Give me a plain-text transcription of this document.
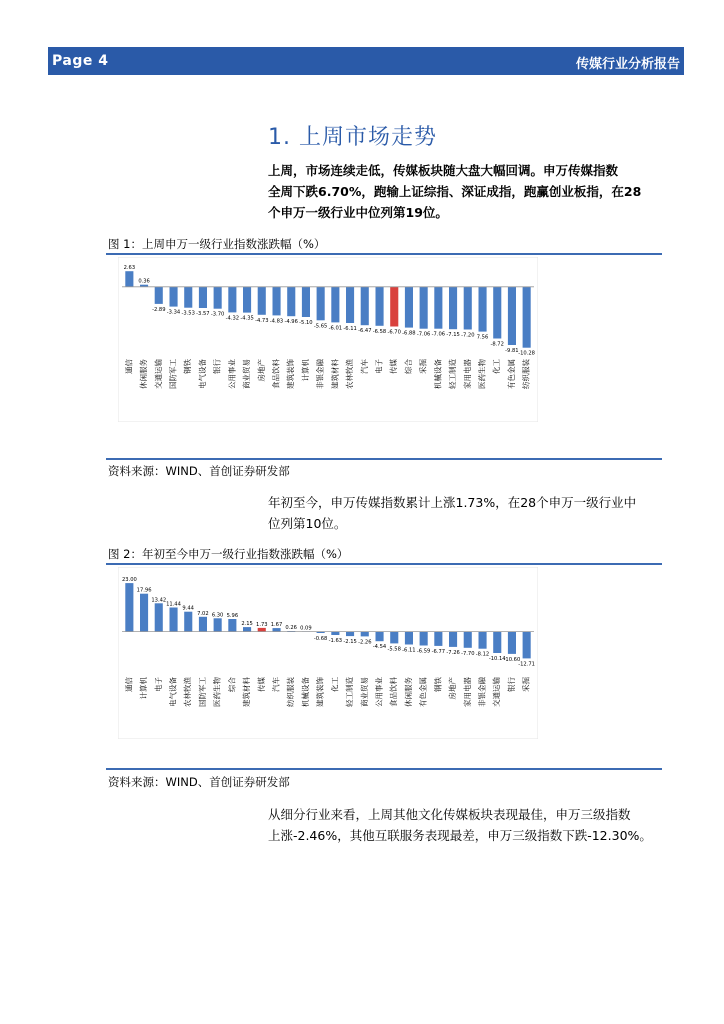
Page 4	传媒行业分析报告
1. 上周市场走势
上周，市场连续走低，传媒板块随大盘大幅回调。申万传媒指数
全周下跌6.70%，跑输上证综指、深证成指，跑赢创业板指，在28
个申万一级行业中位列第19位。
图 1：上周申万一级行业指数涨跌幅（%）
2.63
通信
0.36
休闲服务
-2.89
交通运输
-3.34
国防军工
-3.53
钢铁
-3.57
电气设备
-3.70
银行
-4.32
公用事业
-4.35
商业贸易
-4.73
房地产
-4.83
食品饮料
-4.96
建筑装饰
-5.10
计算机
-5.65
非银金融
-6.01
建筑材料
-6.11
农林牧渔
-6.47
汽车
-6.58
电子
-6.70
传媒
-6.88
综合
-7.06
采掘
-7.06
机械设备
-7.15
轻工制造
-7.20
家用电器
7.56
医药生物
-8.72
化工
-9.81
有色金属
-10.28
纺织服装
资料来源：WIND、首创证券研发部
年初至今，申万传媒指数累计上涨1.73%，在28个申万一级行业中
位列第10位。
图 2：年初至今申万一级行业指数涨跌幅（%）
23.00
通信
17.96
计算机
13.42
电子
11.44
电气设备
9.44
农林牧渔
7.02
国防军工
6.30
医药生物
5.96
综合
2.15
建筑材料
1.73
传媒
1.67
汽车
0.26
纺织服装
0.09
机械设备
-0.68
建筑装饰
-1.63
化工
-2.15
轻工制造
-2.26
商业贸易
-4.54
公用事业
-5.58
食品饮料
-6.11
休闲服务
-6.59
有色金属
-6.77
钢铁
-7.26
房地产
-7.70
家用电器
-8.12
非银金融
-10.14
交通运输
-10.60
银行
-12.71
采掘
资料来源：WIND、首创证券研发部
从细分行业来看，上周其他文化传媒板块表现最佳，申万三级指数
上涨-2.46%，其他互联服务表现最差，申万三级指数下跌-12.30%。
